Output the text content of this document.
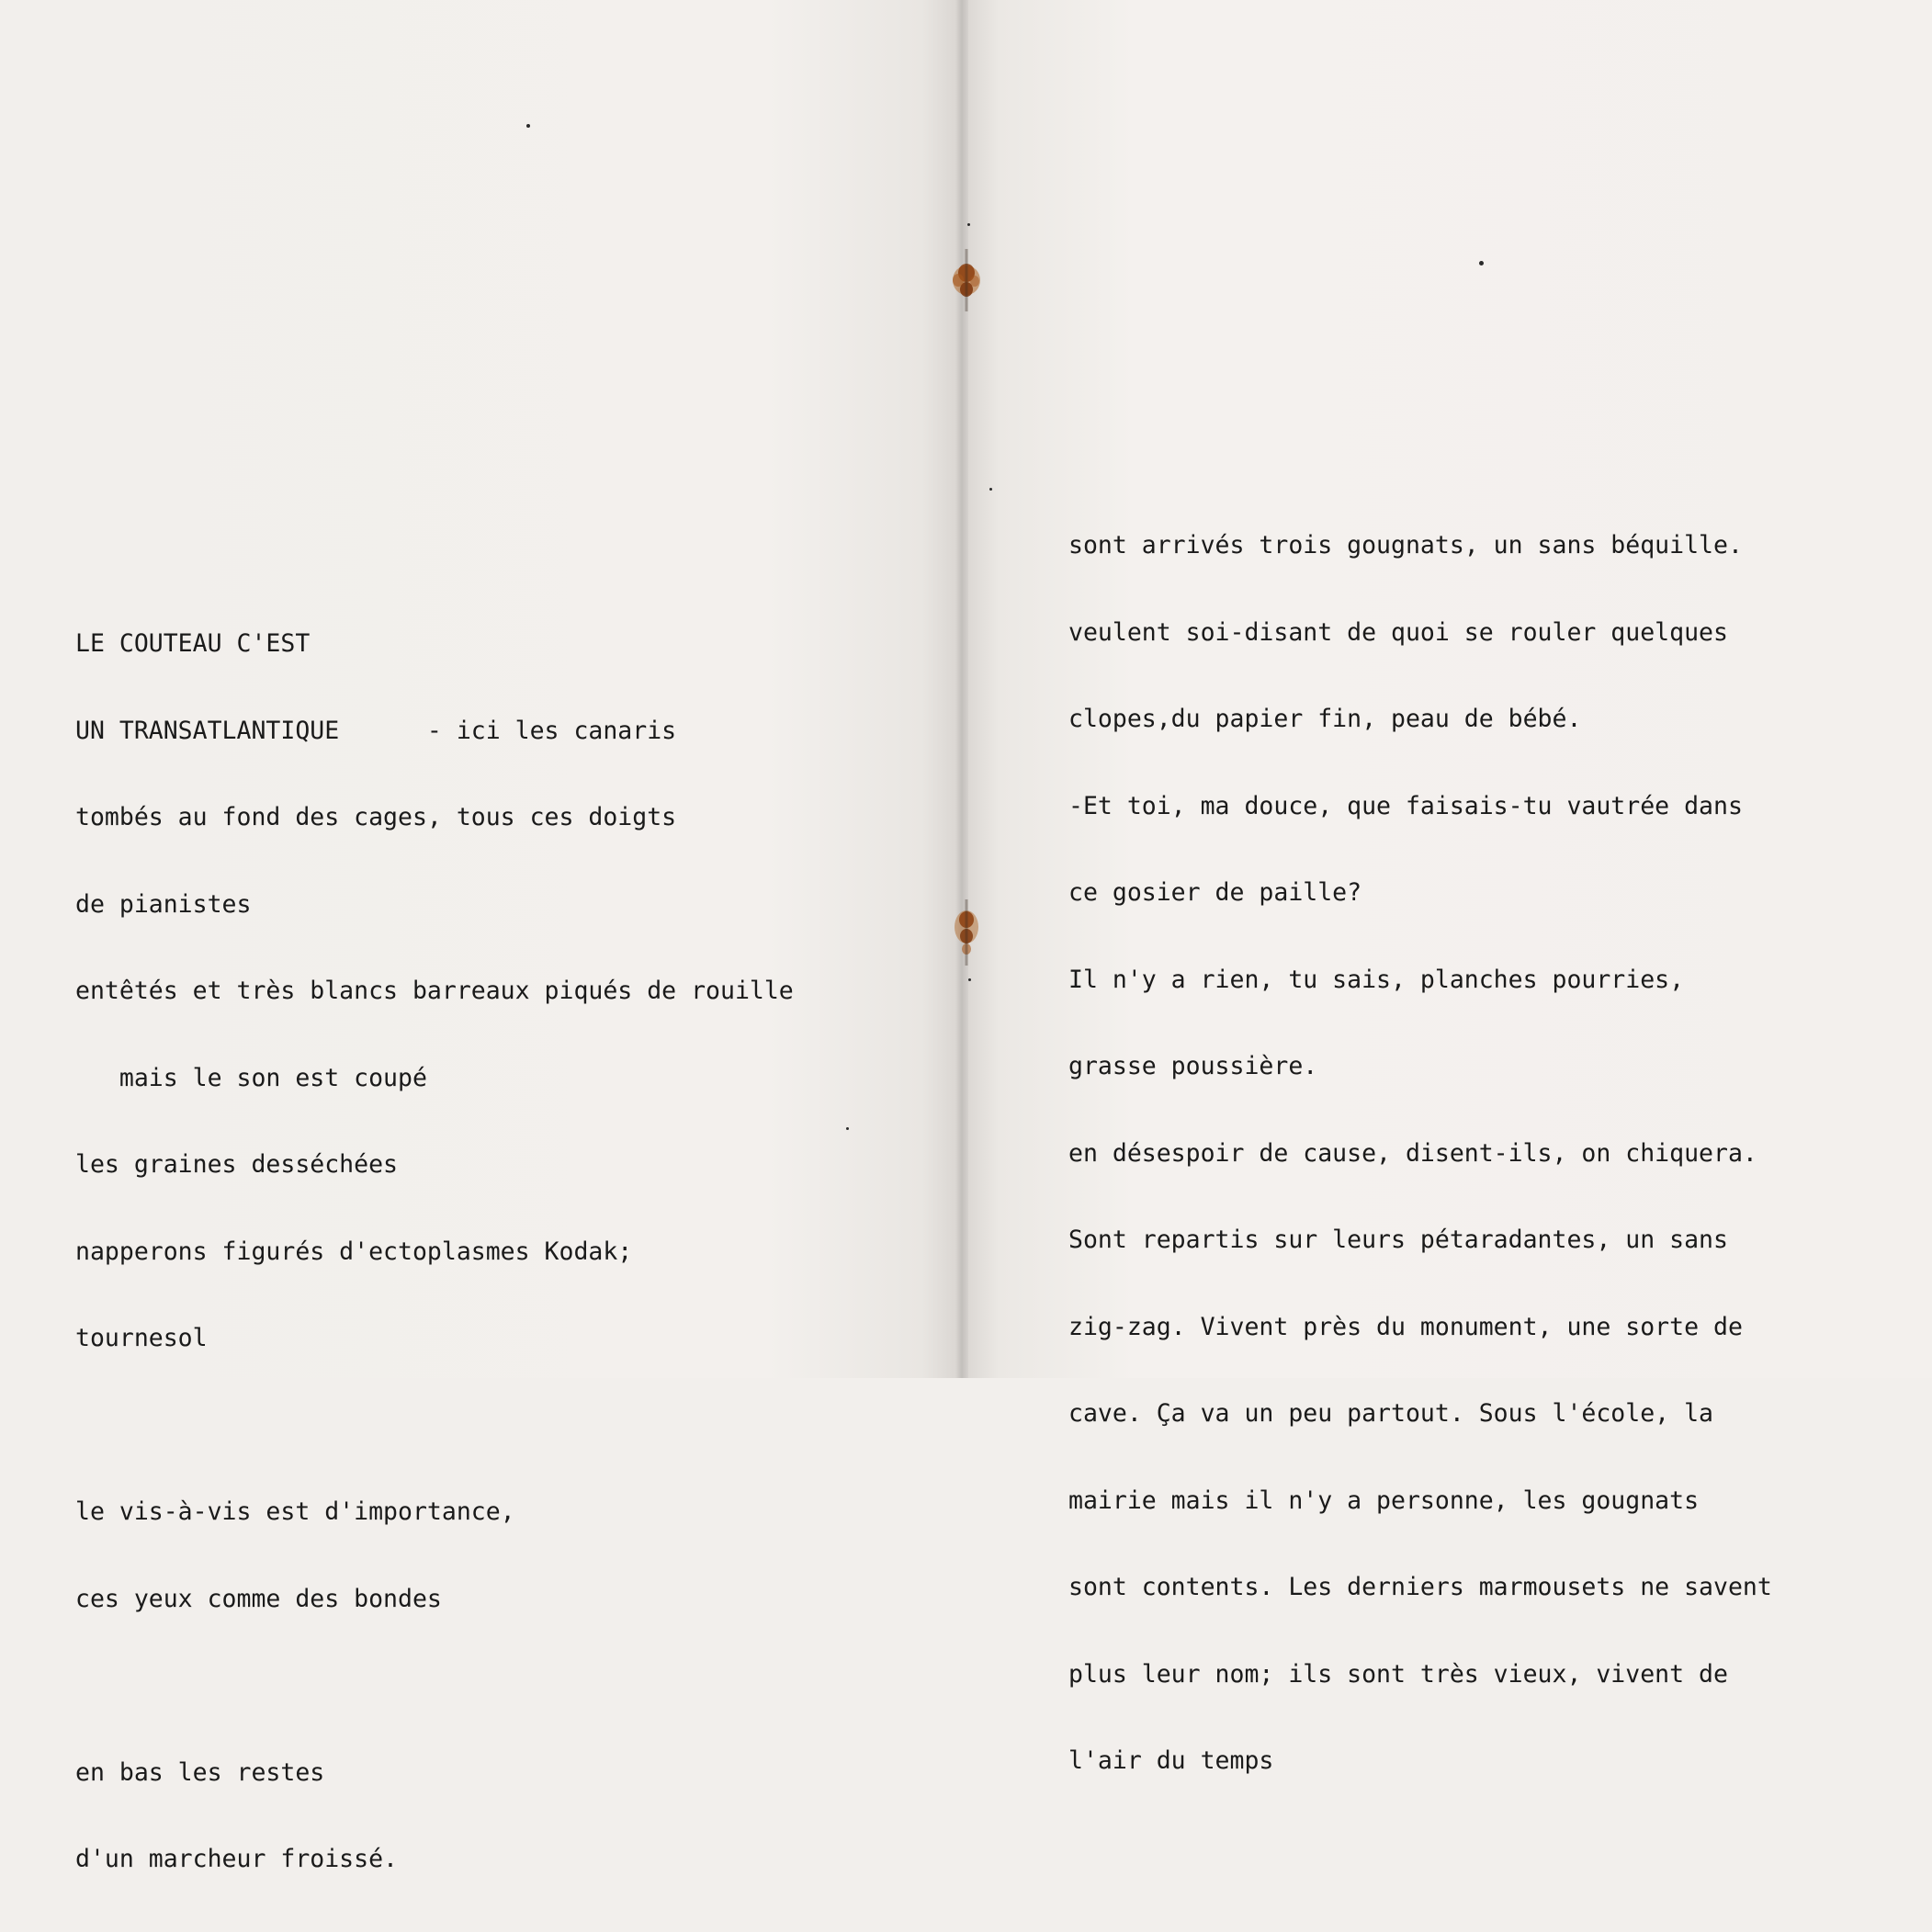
LE COUTEAU C'EST

UN TRANSATLANTIQUE      - ici les canaris

tombés au fond des cages, tous ces doigts

de pianistes

entêtés et très blancs barreaux piqués de rouille

mais le son est coupé

les graines desséchées

napperons figurés d'ectoplasmes Kodak;

tournesol

le vis-à-vis est d'importance,

ces yeux comme des bondes

en bas les restes

d'un marcheur froissé.

sont arrivés trois gougnats, un sans béquille.

veulent soi-disant de quoi se rouler quelques

clopes,du papier fin, peau de bébé.

-Et toi, ma douce, que faisais-tu vautrée dans

ce gosier de paille?

Il n'y a rien, tu sais, planches pourries,

grasse poussière.

en désespoir de cause, disent-ils, on chiquera.

Sont repartis sur leurs pétaradantes, un sans

zig-zag. Vivent près du monument, une sorte de

cave. Ça va un peu partout. Sous l'école, la

mairie mais il n'y a personne, les gougnats

sont contents. Les derniers marmousets ne savent

plus leur nom; ils sont très vieux, vivent de

l'air du temps
